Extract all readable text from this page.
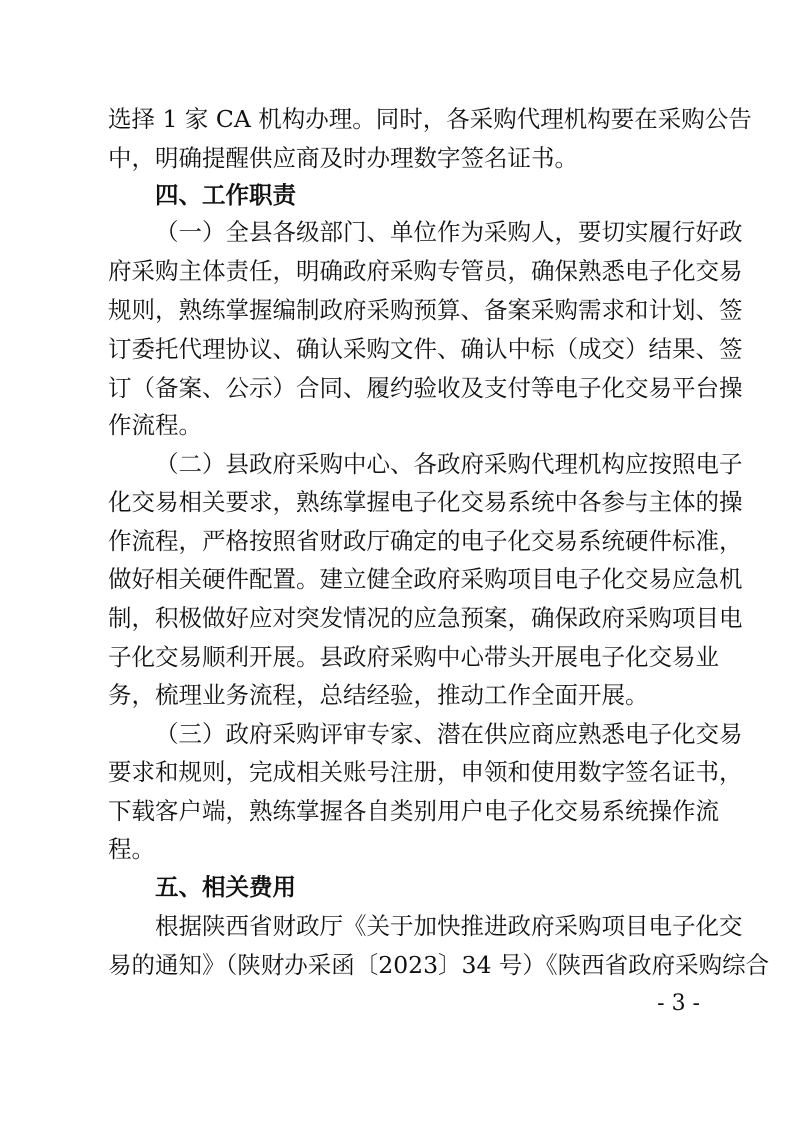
选择 1 家 CA 机构办理。同时，各采购代理机构要在采购公告
中，明确提醒供应商及时办理数字签名证书。
四、工作职责
（一）全县各级部门、单位作为采购人，要切实履行好政
府采购主体责任，明确政府采购专管员，确保熟悉电子化交易
规则，熟练掌握编制政府采购预算、备案采购需求和计划、签
订委托代理协议、确认采购文件、确认中标（成交）结果、签
订（备案、公示）合同、履约验收及支付等电子化交易平台操
作流程。
（二）县政府采购中心、各政府采购代理机构应按照电子
化交易相关要求，熟练掌握电子化交易系统中各参与主体的操
作流程，严格按照省财政厅确定的电子化交易系统硬件标准，
做好相关硬件配置。建立健全政府采购项目电子化交易应急机
制，积极做好应对突发情况的应急预案，确保政府采购项目电
子化交易顺利开展。县政府采购中心带头开展电子化交易业
务，梳理业务流程，总结经验，推动工作全面开展。
（三）政府采购评审专家、潜在供应商应熟悉电子化交易
要求和规则，完成相关账号注册，申领和使用数字签名证书，
下载客户端，熟练掌握各自类别用户电子化交易系统操作流
程。
五、相关费用
根据陕西省财政厅《关于加快推进政府采购项目电子化交
易的通知》（陕财办采函〔2023〕34 号）《陕西省政府采购综合
- 3 -
